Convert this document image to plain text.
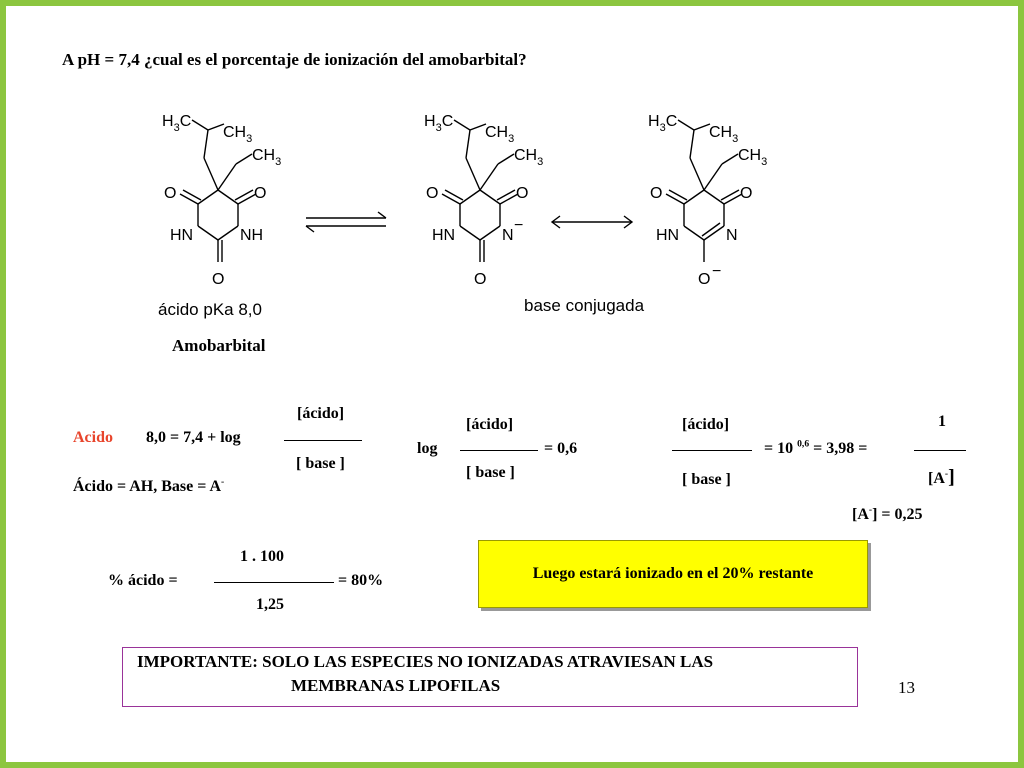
A pH = 7,4 ¿cual es el porcentaje de ionización del amobarbital?
$H_3C$
$CH_3$
$CH_3$
O	O
HN	NH
O
$H_3C$
$CH_3$
$CH_3$
O	O
HN	N
−
O
$H_3C$
$CH_3$
$CH_3$
O	O
HN	N
O −
ácido pKa 8,0
Amobarbital
base conjugada
Acido 8,0 = 7,4 + log
[ácido]
[ base ]
Ácido = AH, Base = A-
log
[ácido]
[ base ]
= 0,6
[ácido]
[ base ]
= 10 $^{0,6}$ = 3,98 =
1
[A-]
[A-] = 0,25
% ácido =
1 . 100
1,25
= 80%	Luego estará ionizado en el 20% restante
IMPORTANTE: SOLO LAS ESPECIES NO IONIZADAS ATRAVIESAN LAS
MEMBRANAS LIPOFILAS	13
